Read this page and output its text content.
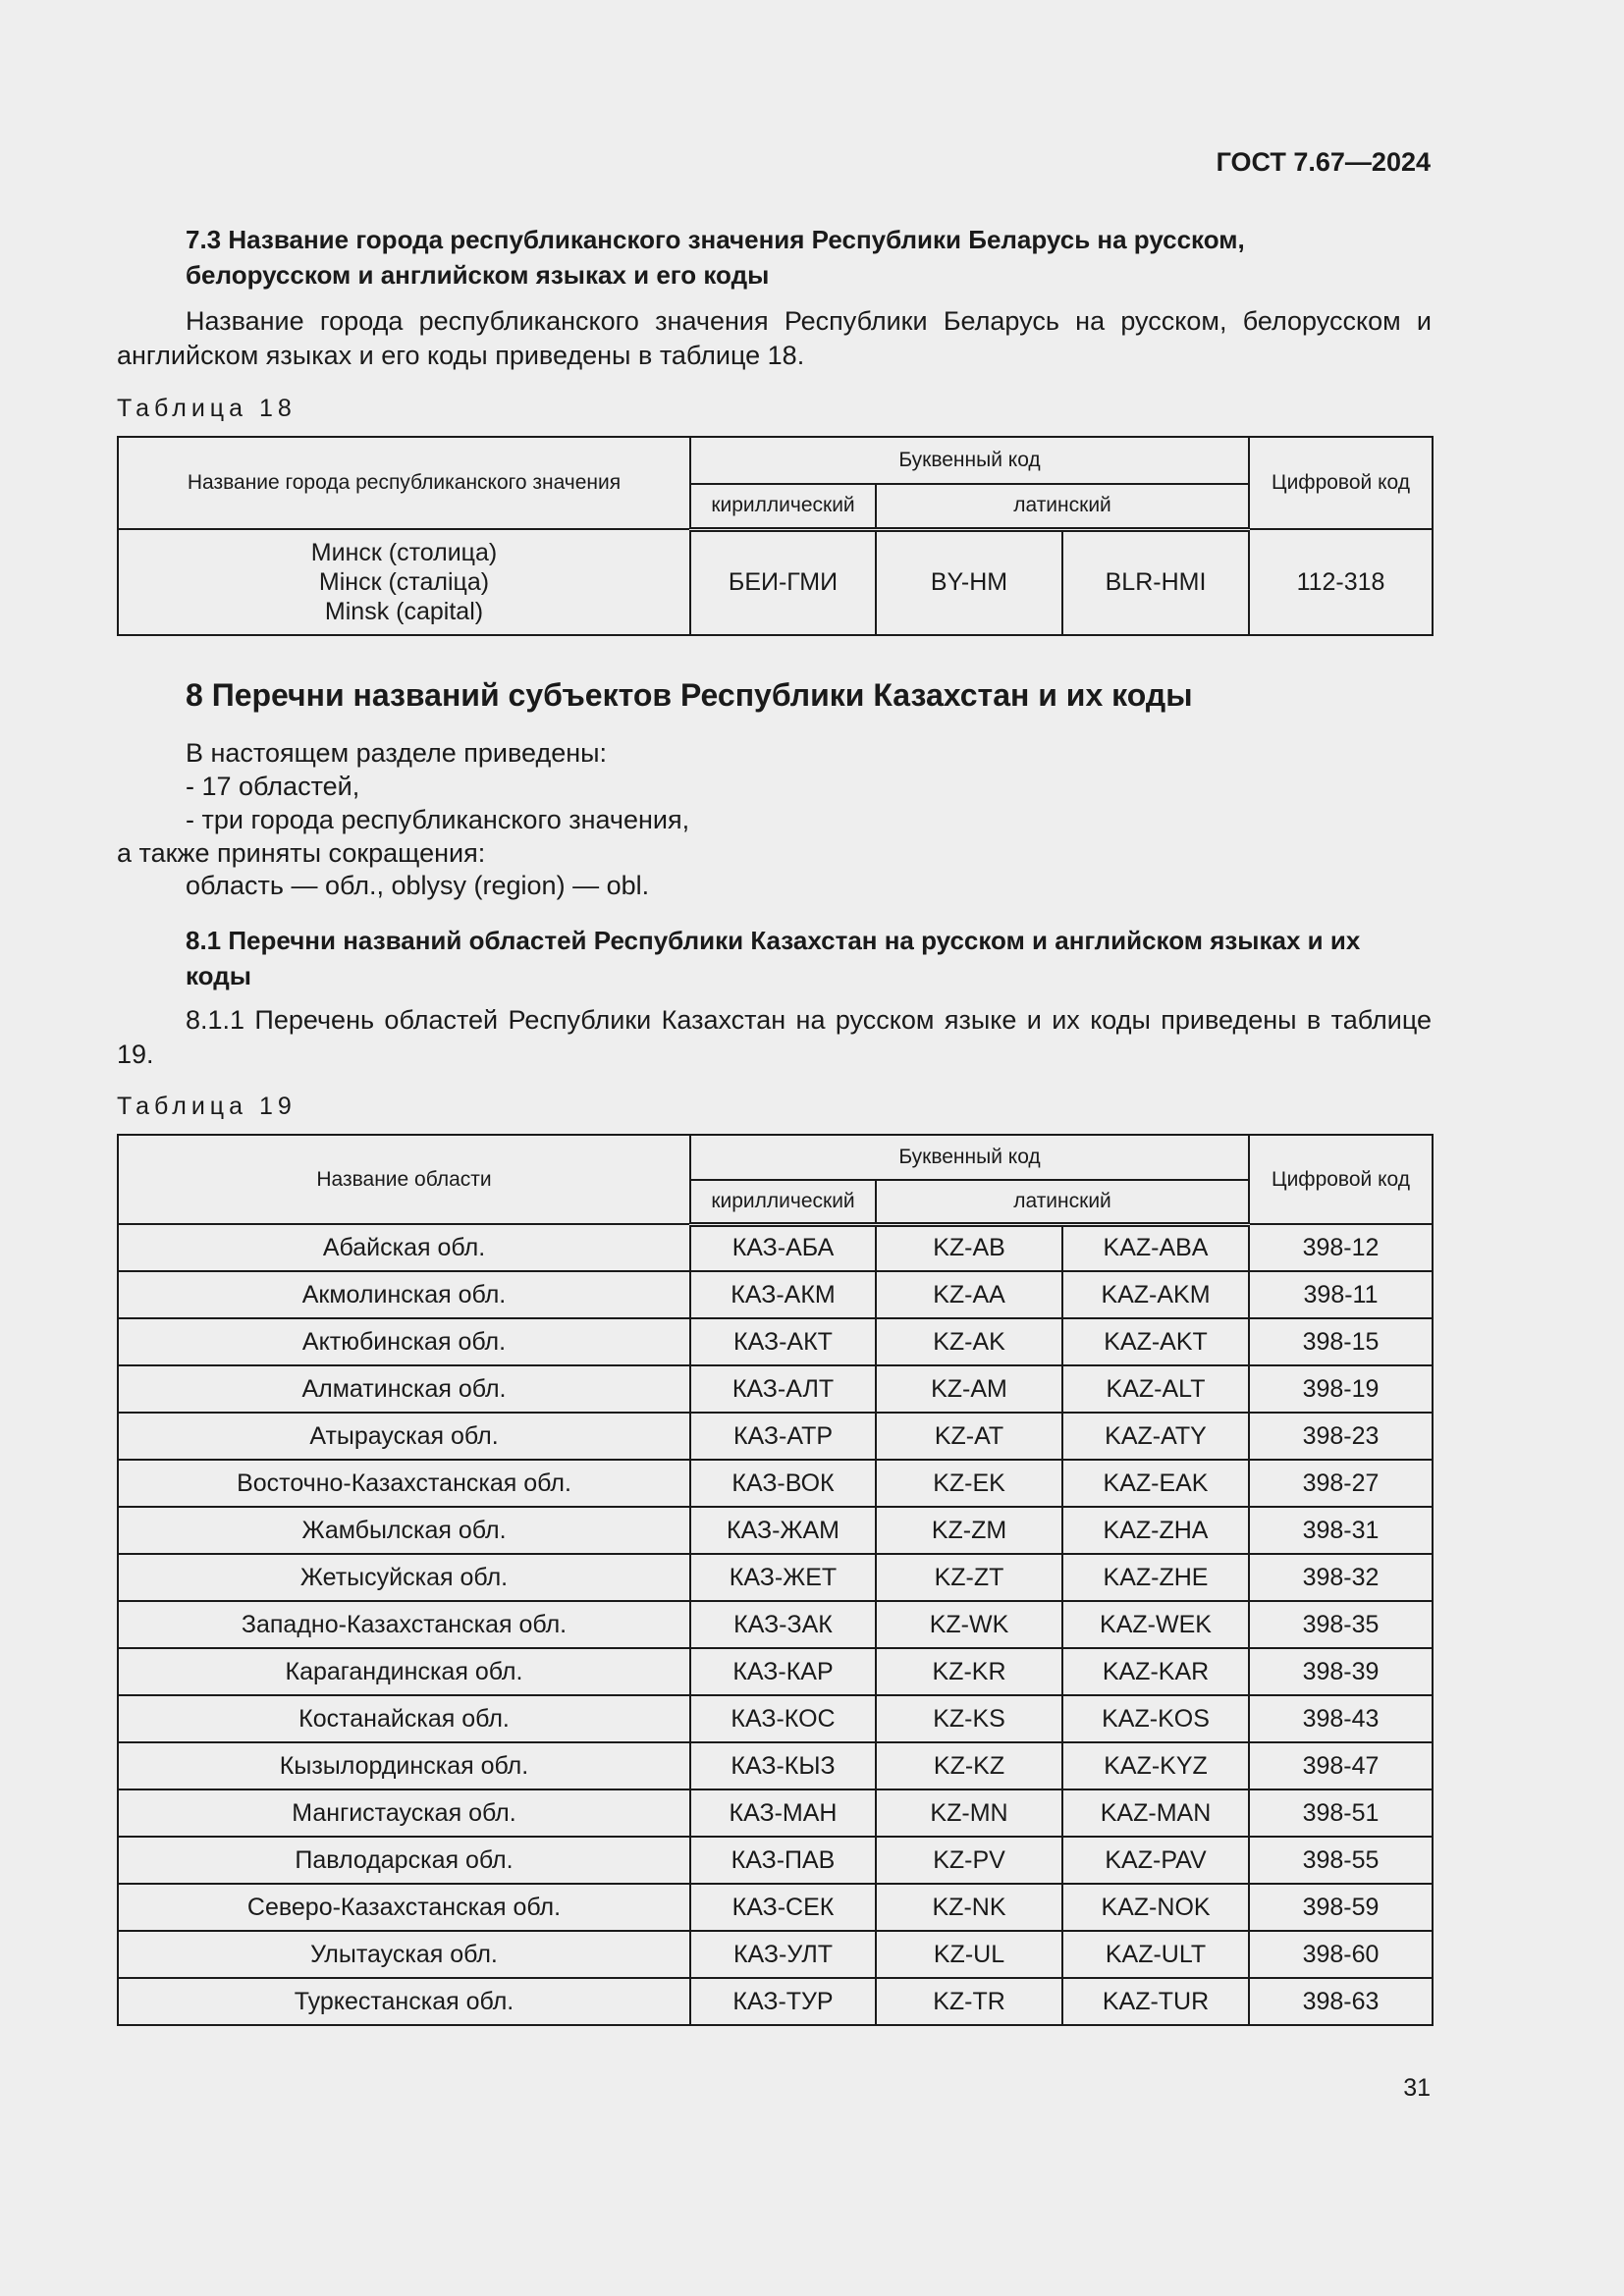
ГОСТ 7.67—2024
7.3 Название города республиканского значения Республики Беларусь на русском, белорусском и английском языках и его коды
Название города республиканского значения Республики Беларусь на русском, белорусском и английском языках и его коды приведены в таблице 18.
Таблица 18
Название города республиканского значения	Буквенный код			Цифровой код
	кириллический	латинский		

Минск (столица)
Мінск (сталіца)
Minsk (capital)	БЕИ-ГМИ	BY-HM	BLR-HMI	112-318
8 Перечни названий субъектов Республики Казахстан и их коды
В настоящем разделе приведены:
- 17 областей,
- три города республиканского значения,
а также приняты сокращения:
область — обл., oblysy (region) — obl.
8.1 Перечни названий областей Республики Казахстан на русском и английском языках и их коды
8.1.1 Перечень областей Республики Казахстан на русском языке и их коды приведены в таблице 19.
Таблица 19
Название области	Буквенный код			Цифровой код
	кириллический	латинский		
Абайская обл.	КАЗ-АБА	KZ-AB	KAZ-ABA	398-12
Акмолинская обл.	КАЗ-АКМ	KZ-AA	KAZ-AKM	398-11
Актюбинская обл.	КАЗ-АКТ	KZ-AK	KAZ-AKT	398-15
Алматинская обл.	КАЗ-АЛТ	KZ-AM	KAZ-ALT	398-19
Атырауская обл.	КАЗ-АТР	KZ-AT	KAZ-ATY	398-23
Восточно-Казахстанская обл.	КАЗ-ВОК	KZ-EK	KAZ-EAK	398-27
Жамбылская обл.	КАЗ-ЖАМ	KZ-ZM	KAZ-ZHA	398-31
Жетысуйская обл.	КАЗ-ЖЕТ	KZ-ZT	KAZ-ZHE	398-32
Западно-Казахстанская обл.	КАЗ-ЗАК	KZ-WK	KAZ-WEK	398-35
Карагандинская обл.	КАЗ-КАР	KZ-KR	KAZ-KAR	398-39
Костанайская обл.	КАЗ-КОС	KZ-KS	KAZ-KOS	398-43
Кызылординская обл.	КАЗ-КЫЗ	KZ-KZ	KAZ-KYZ	398-47
Мангистауская обл.	КАЗ-МАН	KZ-MN	KAZ-MAN	398-51
Павлодарская обл.	КАЗ-ПАВ	KZ-PV	KAZ-PAV	398-55
Северо-Казахстанская обл.	КАЗ-СЕК	KZ-NK	KAZ-NOK	398-59
Улытауская обл.	КАЗ-УЛТ	KZ-UL	KAZ-ULT	398-60
Туркестанская обл.	КАЗ-ТУР	KZ-TR	KAZ-TUR	398-63
31
